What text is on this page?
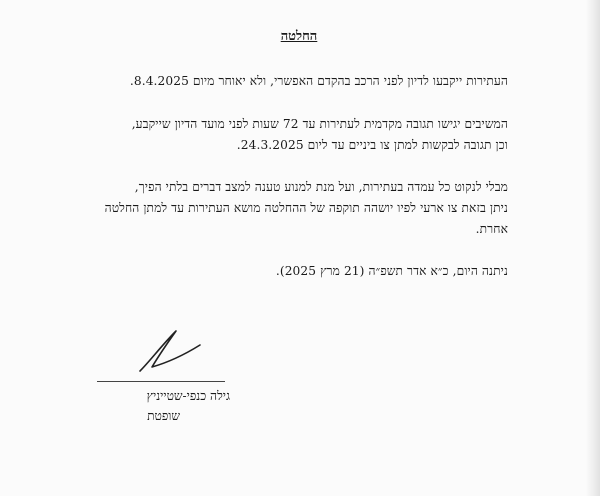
החלטה
העתירות ייקבעו לדיון לפני הרכב בהקדם האפשרי, ולא יאוחר מיום 8.4.2025.
המשיבים יגישו תגובה מקדמית לעתירות עד 72 שעות לפני מועד הדיון שייקבע,
וכן תגובה לבקשות למתן צו ביניים עד ליום 24.3.2025.
מבלי לנקוט כל עמדה בעתירות, ועל מנת למנוע טענה למצב דברים בלתי הפיך,
ניתן בזאת צו ארעי לפיו יושהה תוקפה של ההחלטה מושא העתירות עד למתן החלטה
אחרת.
ניתנה היום, כ״א אדר תשפ״ה (21 מרץ 2025).
גילה כנפי-שטייניץ
שופטת
